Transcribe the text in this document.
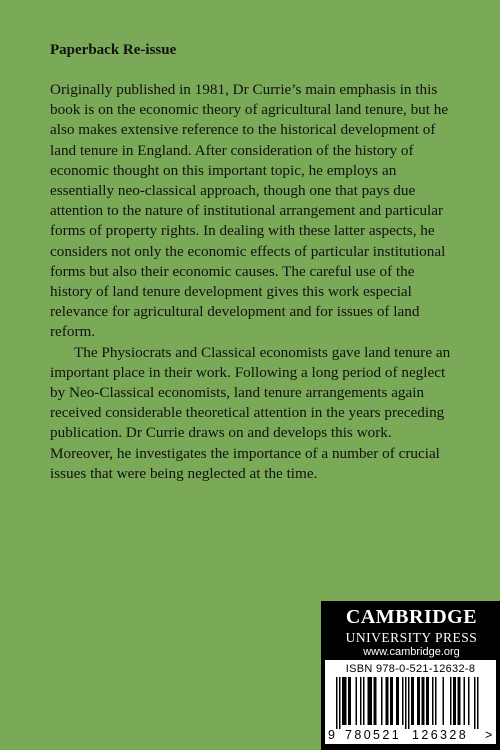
Paperback Re-issue

Originally published in 1981, Dr Currie’s main emphasis in this book is on the economic theory of agricultural land tenure, but he also makes extensive reference to the historical development of land tenure in England. After consideration of the history of economic thought on this important topic, he employs an essentially neo-classical approach, though one that pays due attention to the nature of institutional arrangement and particular forms of property rights. In dealing with these latter aspects, he considers not only the economic effects of particular institutional forms but also their economic causes. The careful use of the history of land tenure development gives this work especial relevance for agricultural development and for issues of land reform.

The Physiocrats and Classical economists gave land tenure an important place in their work. Following a long period of neglect by Neo-Classical economists, land tenure arrangements again received considerable theoretical attention in the years preceding publication. Dr Currie draws on and develops this work. Moreover, he investigates the importance of a number of crucial issues that were being neglected at the time.

CAMBRIDGE
UNIVERSITY PRESS
www.cambridge.org
ISBN 978-0-521-12632-8
9 780521 126328 >
